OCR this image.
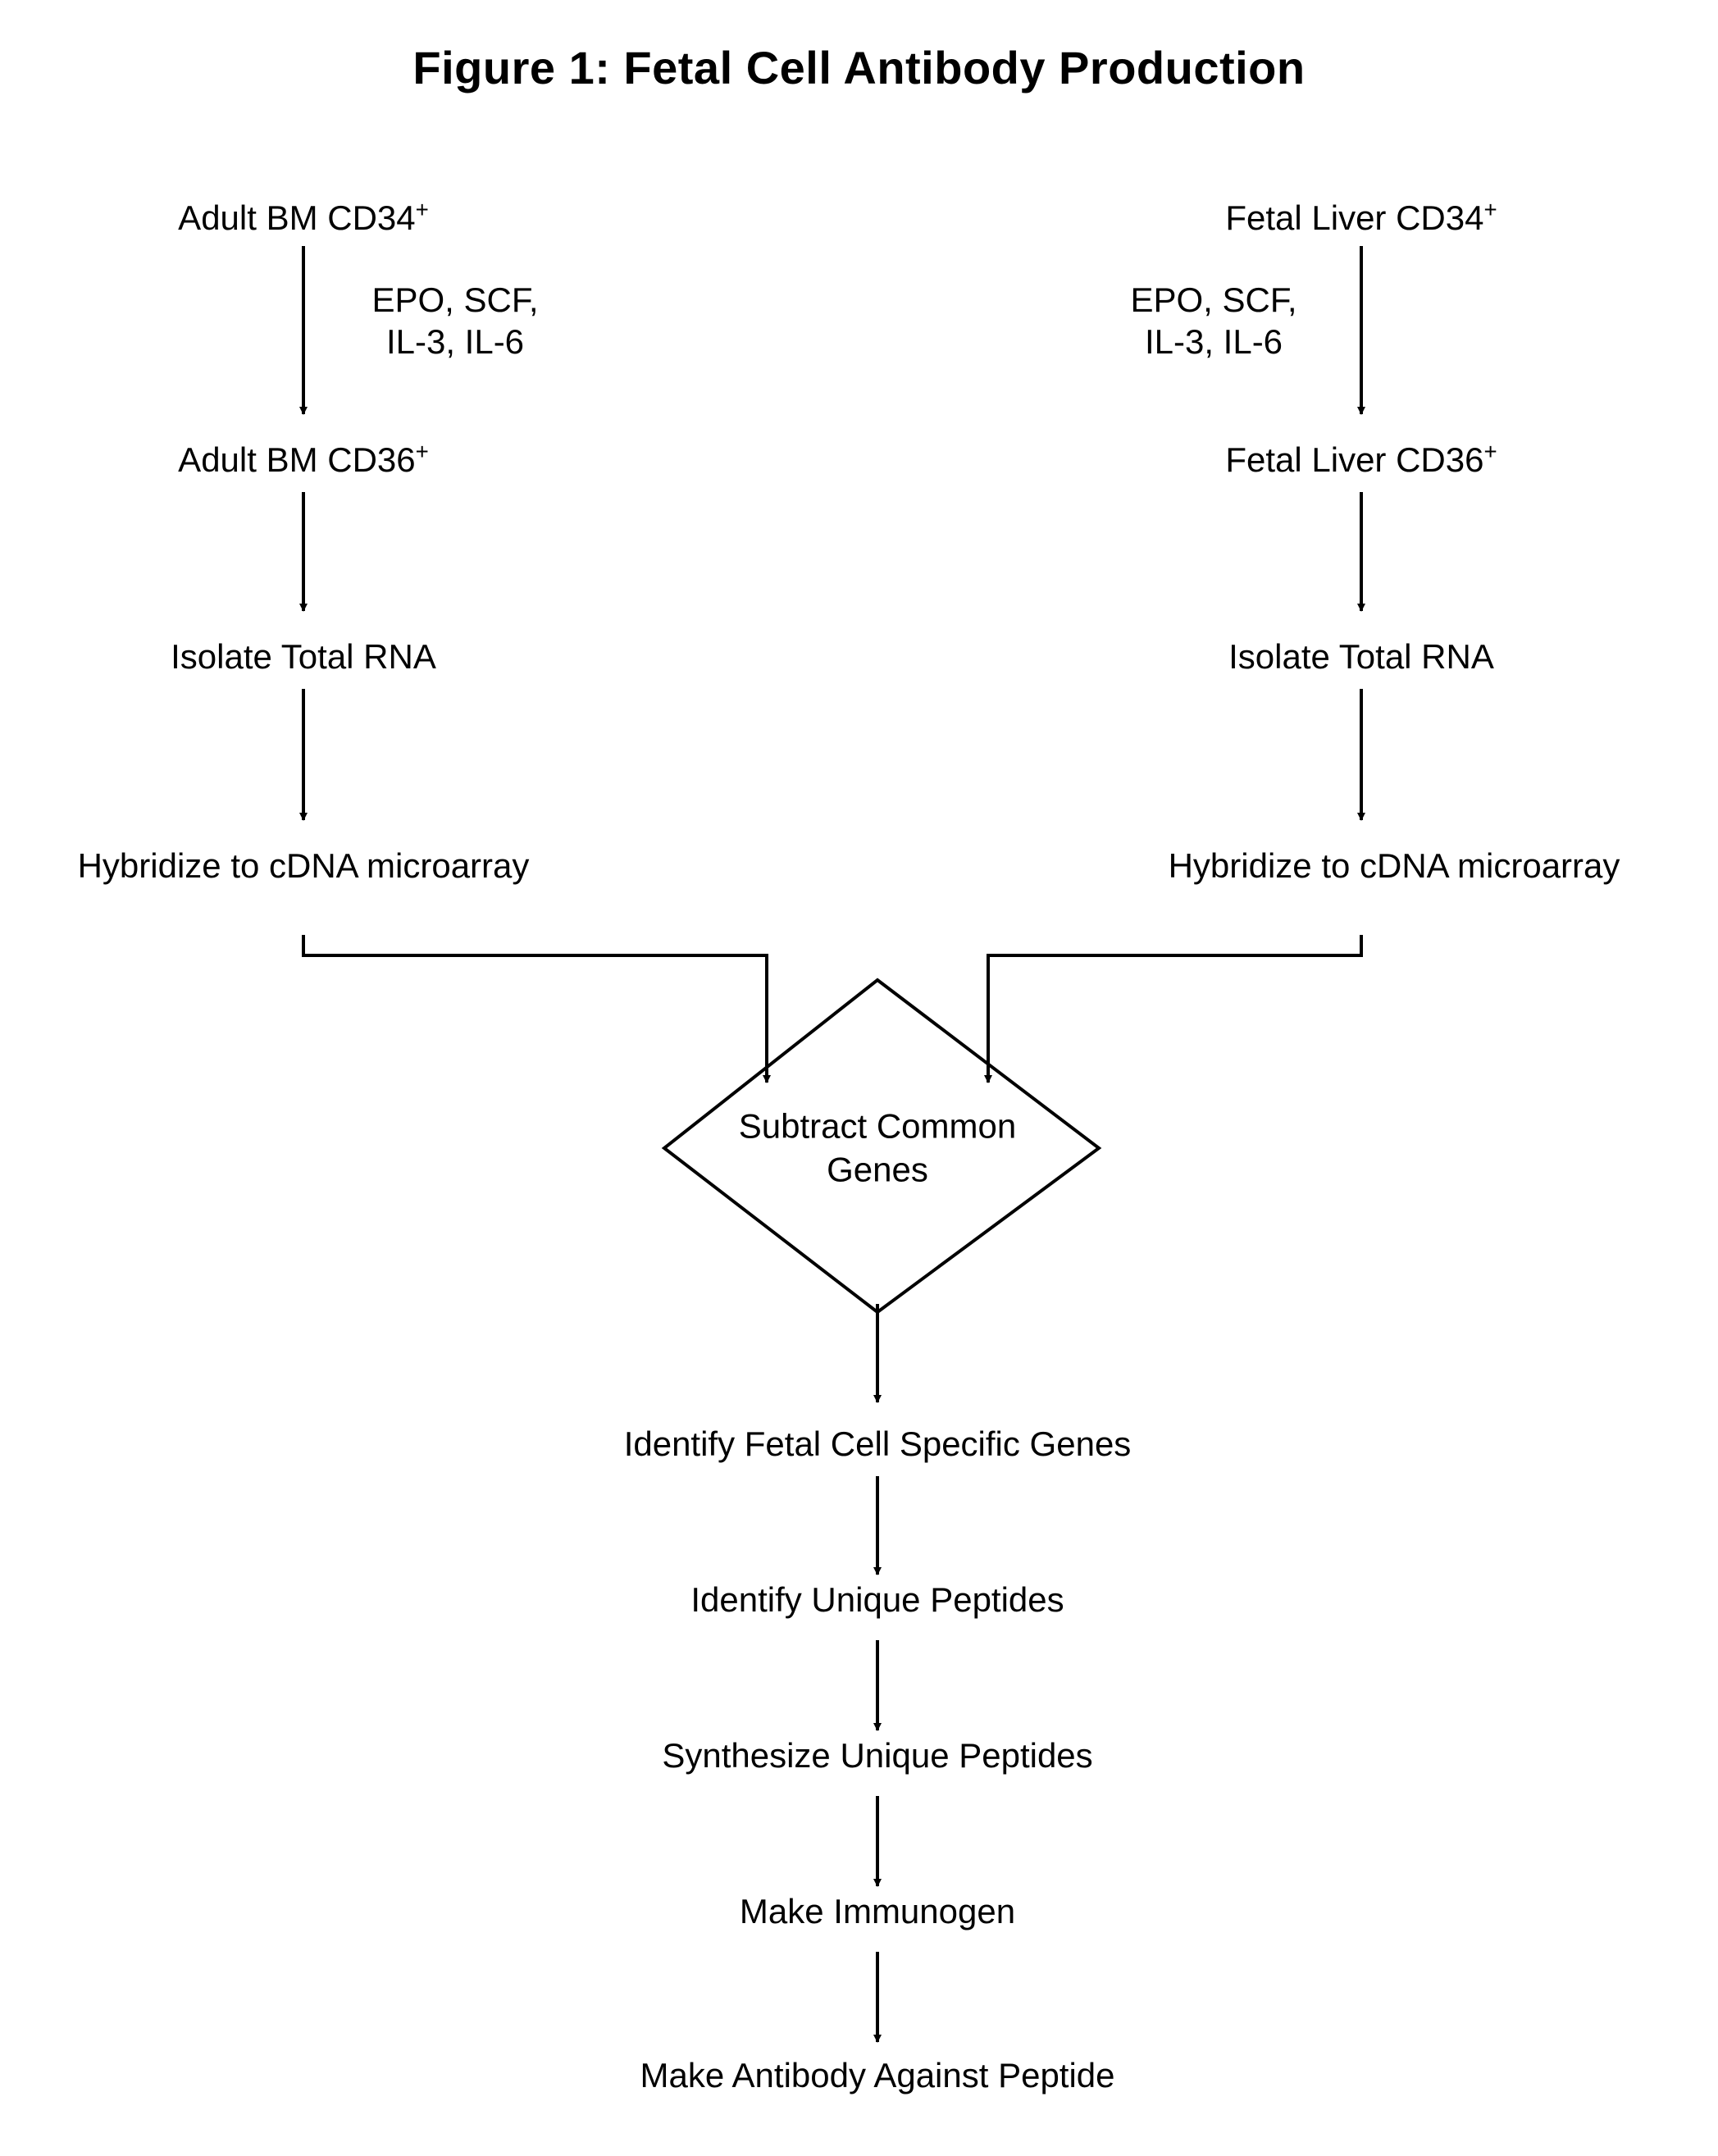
Figure 1: Fetal Cell Antibody Production
Adult BM CD34+
EPO, SCF,
IL-3, IL-6
Adult BM CD36+
Isolate Total RNA
Hybridize to cDNA microarray
Fetal Liver CD34+
EPO, SCF,
IL-3, IL-6
Fetal Liver CD36+
Isolate Total RNA
Hybridize to cDNA microarray
Subtract Common
Genes
Identify Fetal Cell Specific Genes
Identify Unique Peptides
Synthesize Unique Peptides
Make Immunogen
Make Antibody Against Peptide
